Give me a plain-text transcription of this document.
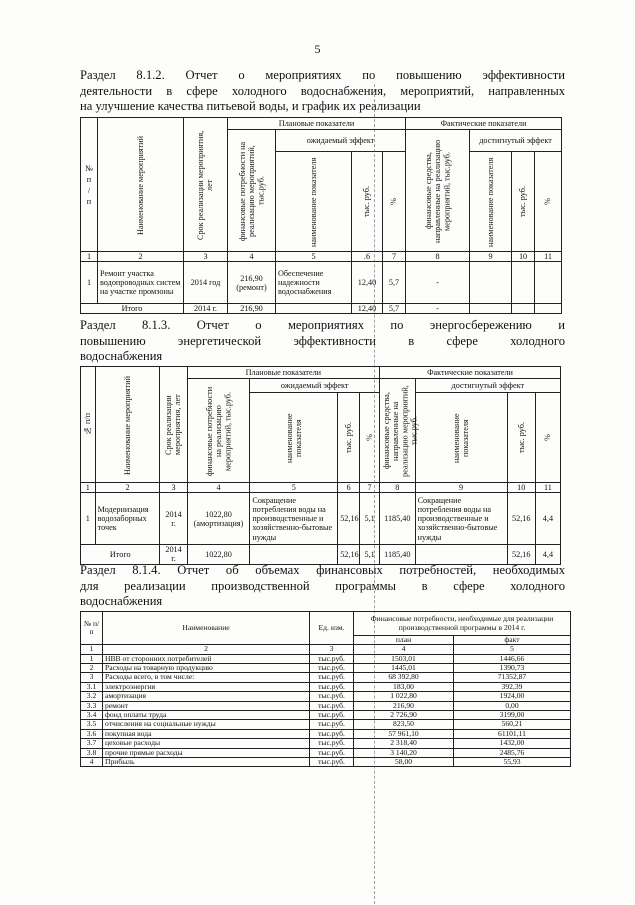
5
Раздел 8.1.2. Отчет о мероприятиях по повышению эффективности
деятельности в сфере холодного водоснабжения, мероприятий, направленных
на улучшение качества питьевой воды, и график их реализации
№ п / п	Наименование мероприятий	Срок реализации мероприятия, лет	Плановые показатели				Фактические показатели			

			финансовые потребности на реализацию мероприятий, тыс.руб.	ожидаемый эффект			финансовые средства, направленные на реализацию мероприятий, тыс.руб.	достигнутый эффект		

				наименование показателя	тыс. руб.	%		наименование показателя	тыс. руб.	%

1	2	3	4	5	.6	7	8	9	10	11
1	Ремонт участка водопроводных систем на участке промзоны	2014 год	216,90 (ремонт)	Обеспечение надежности водоснабжения	12,40	5,7	-			
Итого		2014 г.	216,90		12,40	5,7	-			
Раздел 8.1.3. Отчет о мероприятиях по энергосбережению и
повышению энергетической эффективности в сфере холодного
водоснабжения
№ п/п	Наименование мероприятий	Срок реализации мероприятия, лет	Плановые показатели				Фактические показатели			

			финансовые потребности на реализацию мероприятий, тыс.руб.	ожидаемый эффект			финансовые средства, направленные на реализацию мероприятий, тыс.руб.	достигнутый эффект		

				наименование показателя	тыс. руб.	%		наименование показателя	тыс. руб.	%

1	2	3	4	5	6	7	8	9	10	11
1	Модернизация водозаборных точек	2014 г.	1022,80 (амортизация)	Сокращение потребления воды на производственные и хозяйственно-бытовые нужды	52,16	5,1	1185,40	Сокращение потребления воды на производственные и хозяйственно-бытовые нужды	52,16	4,4
Итого		2014 г.	1022,80		52,16	5,1	1185,40		52,16	4,4
Раздел 8.1.4. Отчет об объемах финансовых потребностей, необходимых
для реализации производственной программы в сфере холодного
водоснабжения
№ п/п	Наименование	Ед. изм.	Финансовые потребности, необходимые для реализации производственной программы в 2014 г.	
			план	факт
1	2	3	4	5
1	НВВ от сторонних потребителей	тыс.руб.	1503,01	1446,66
2	Расходы на товарную продукцию	тыс.руб.	1445,01	1390,73
3	Расходы всего, в том числе:	тыс.руб.	68 392,80	71352,87
3.1	электроэнергия	тыс.руб.	183,00	392,39
3.2	амортизация	тыс.руб.	1 022,80	1924,00
3.3	ремонт	тыс.руб.	216,90	0,00
3.4	фонд оплаты труда	тыс.руб.	2 726,90	3199,00
3.5	отчисления на социальные нужды	тыс.руб.	823,50	560,21
3.6	покупная вода	тыс.руб.	57 961,10	61101,11
3.7	цеховые расходы	тыс.руб.	2 318,40	1432,00
3.8	прочие прямые расходы	тыс.руб.	3 140,20	2485,76
4	Прибыль	тыс.руб.	58,00	55,93
